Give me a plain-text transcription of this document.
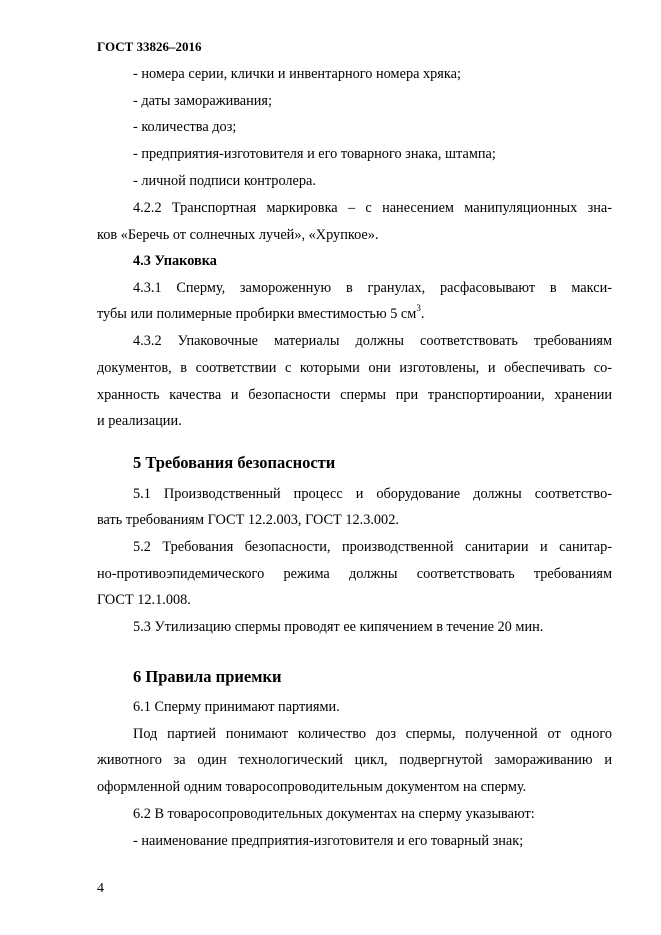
ГОСТ 33826–2016
- номера серии, клички и инвентарного номера хряка;
- даты замораживания;
- количества доз;
- предприятия-изготовителя и его товарного знака, штампа;
- личной подписи контролера.
4.2.2 Транспортная маркировка – с нанесением манипуляционных зна-
ков «Беречь от солнечных лучей», «Хрупкое».
4.3 Упаковка
4.3.1 Сперму, замороженную в гранулах, расфасовывают в макси-
тубы или полимерные пробирки вместимостью 5 $см^3$.
4.3.2 Упаковочные материалы должны соответствовать требованиям
документов, в соответствии с которыми они изготовлены, и обеспечивать со-
хранность качества и безопасности спермы при транспортироании, хранении
и реализации.
5 Требования безопасности
5.1 Производственный процесс и оборудование должны соответство-
вать требованиям ГОСТ 12.2.003, ГОСТ 12.3.002.
5.2 Требования безопасности, производственной санитарии и санитар-
но-противоэпидемического режима должны соответствовать требованиям
ГОСТ 12.1.008.
5.3 Утилизацию спермы проводят ее кипячением в течение 20 мин.
6 Правила приемки
6.1 Сперму принимают партиями.
Под партией понимают количество доз спермы, полученной от одного
животного за один технологический цикл, подвергнутой замораживанию и
оформленной одним товаросопроводительным документом на сперму.
6.2 В товаросопроводительных документах на сперму указывают:
- наименование предприятия-изготовителя и его товарный знак;
4
